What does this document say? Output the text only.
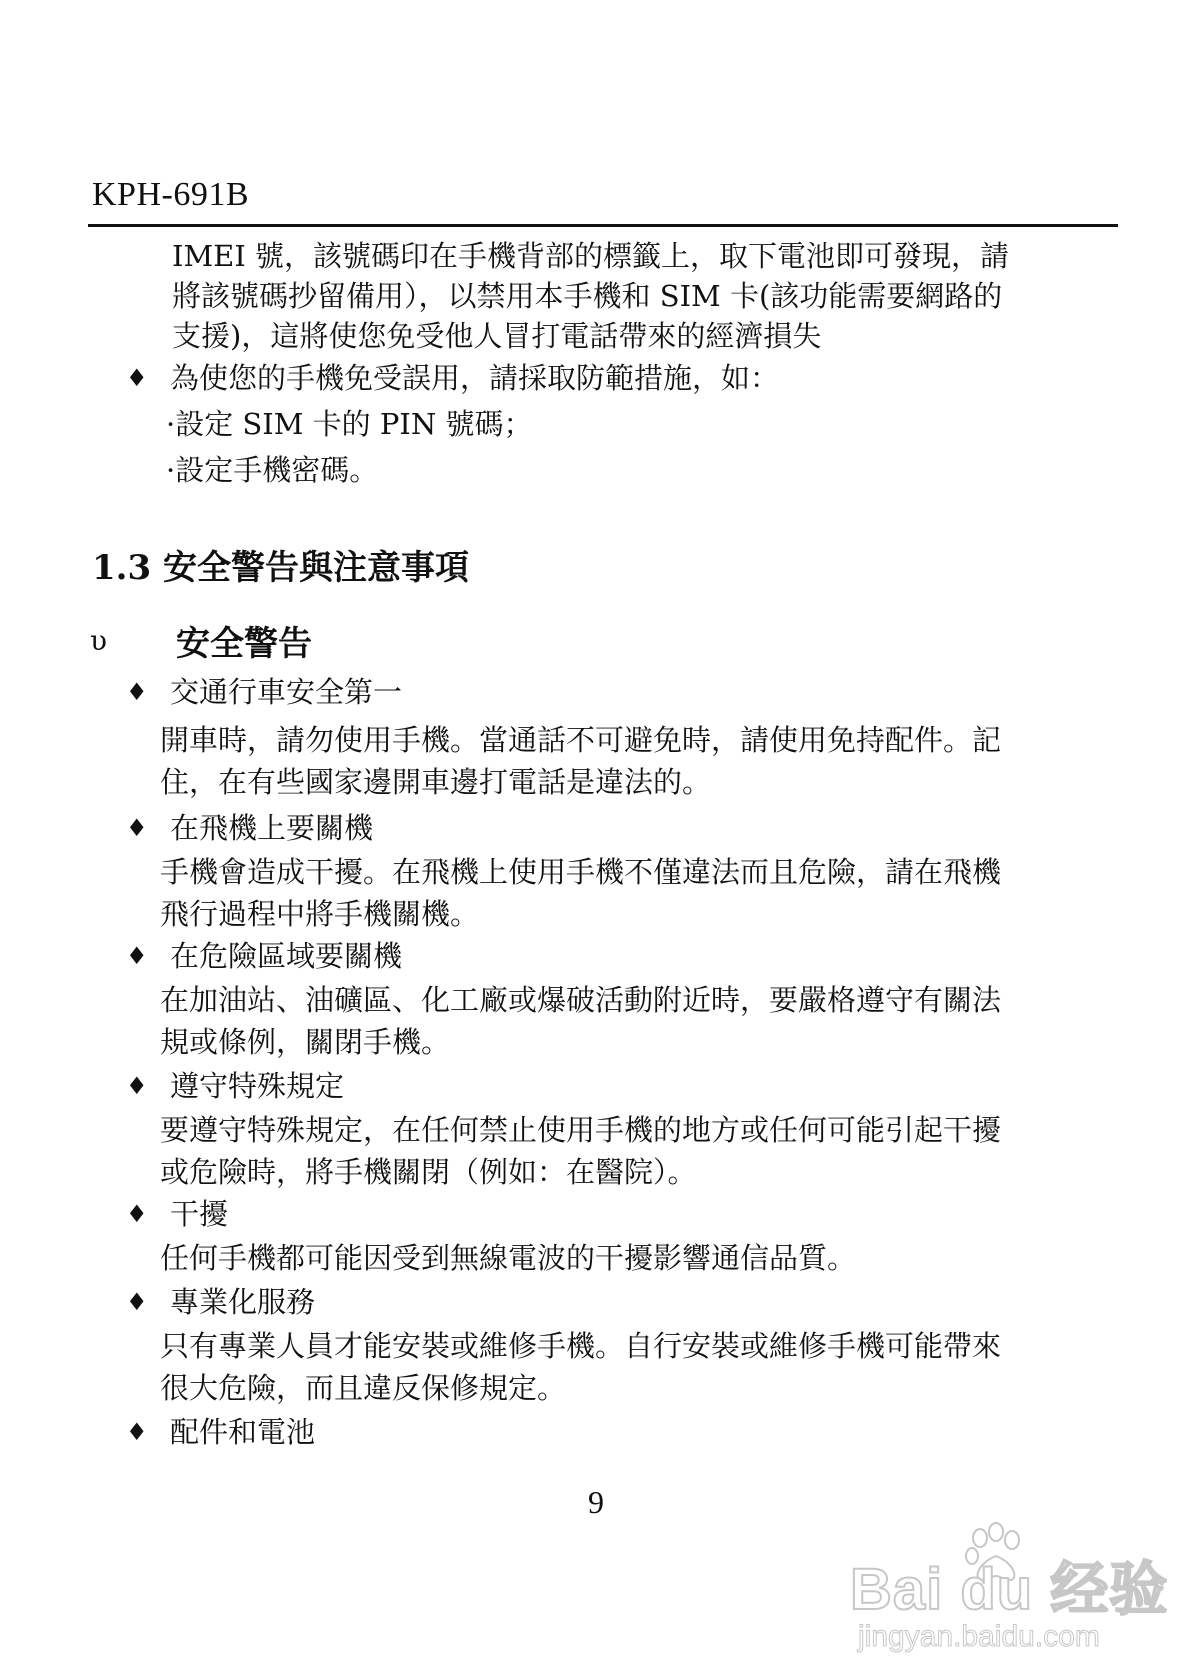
KPH-691B
IMEI 號，該號碼印在手機背部的標籤上，取下電池即可發現，請
將該號碼抄留備用），以禁用本手機和 SIM 卡(該功能需要網路的
支援)，這將使您免受他人冒打電話帶來的經濟損失
♦ 為使您的手機免受誤用，請採取防範措施，如：
·設定 SIM 卡的 PIN 號碼；
·設定手機密碼。
1.3 安全警告與注意事項
υ 安全警告
♦ 交通行車安全第一
開車時，請勿使用手機。當通話不可避免時，請使用免持配件。記
住，在有些國家邊開車邊打電話是違法的。
♦ 在飛機上要關機
手機會造成干擾。在飛機上使用手機不僅違法而且危險，請在飛機
飛行過程中將手機關機。
♦ 在危險區域要關機
在加油站、油礦區、化工廠或爆破活動附近時，要嚴格遵守有關法
規或條例，關閉手機。
♦ 遵守特殊規定
要遵守特殊規定，在任何禁止使用手機的地方或任何可能引起干擾
或危險時，將手機關閉（例如：在醫院）。
♦ 干擾
任何手機都可能因受到無線電波的干擾影響通信品質。
♦ 專業化服務
只有專業人員才能安裝或維修手機。自行安裝或維修手機可能帶來
很大危險，而且違反保修規定。
♦ 配件和電池
9
Bai du 经验
jingyan.baidu.com
